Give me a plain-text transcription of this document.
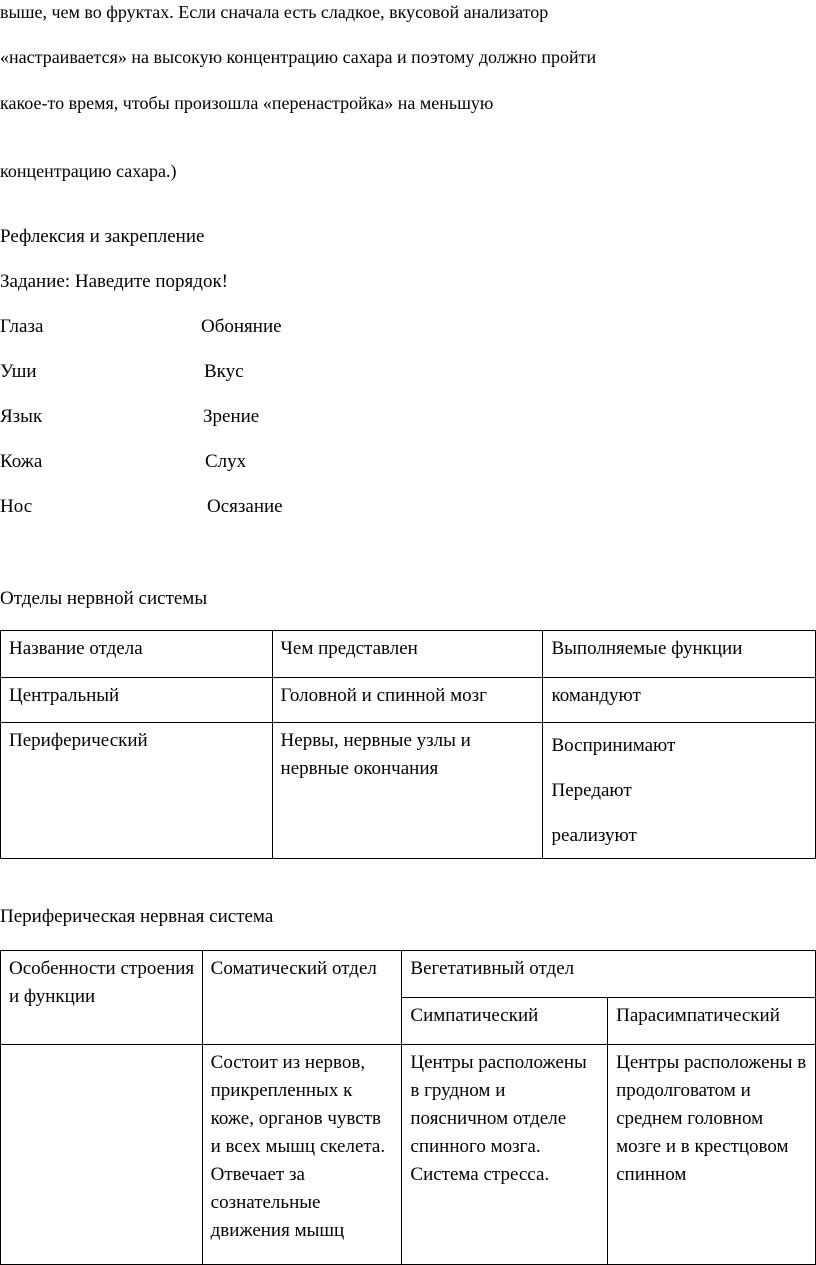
выше, чем во фруктах. Если сначала есть сладкое, вкусовой анализатор
«настраивается» на высокую концентрацию сахара и поэтому должно пройти
какое-то время, чтобы произошла «перенастройка» на меньшую
концентрацию сахара.)
Рефлексия и закрепление
Задание: Наведите порядок!
Глаза	Обоняние
Уши	Вкус
Язык	Зрение
Кожа	Слух
Нос	Осязание
Отделы нервной системы
Название отдела	Чем представлен	Выполняемые функции

Центральный	Головной и спинной мозг	командуют

Периферический	Нервы, нервные узлы и нервные окончания	Воспринимают
Передают
реализуют
Периферическая нервная система
Особенности строения и функции	Соматический отдел	Вегетативный отдел	

		Симпатический	Парасимпатический

	Состоит из нервов, прикрепленных к коже, органов чувств и всех мышц скелета. Отвечает за сознательные движения мышц	Центры расположены в грудном и поясничном отделе спинного мозга. Система стресса.	Центры расположены в продолговатом и среднем головном мозге и в крестцовом спинном
